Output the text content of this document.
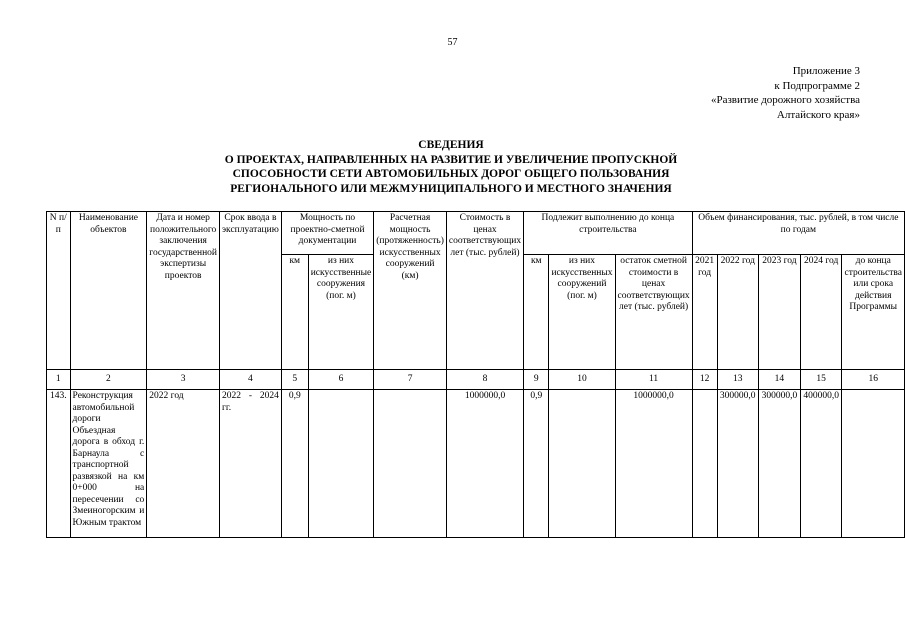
57
Приложение 3
к Подпрограмме 2
«Развитие дорожного хозяйства
Алтайского края»
СВЕДЕНИЯ
О ПРОЕКТАХ, НАПРАВЛЕННЫХ НА РАЗВИТИЕ И УВЕЛИЧЕНИЕ ПРОПУСКНОЙ
СПОСОБНОСТИ СЕТИ АВТОМОБИЛЬНЫХ ДОРОГ ОБЩЕГО ПОЛЬЗОВАНИЯ
РЕГИОНАЛЬНОГО ИЛИ МЕЖМУНИЦИПАЛЬНОГО И МЕСТНОГО ЗНАЧЕНИЯ
N п/п	Наименование объектов	Дата и номер положительного заключения государственной экспертизы проектов	Срок ввода в эксплуатацию	Мощность по проектно-сметной документации		Расчетная мощность (протяженность) искусственных сооружений (км)	Стоимость в ценах соответствующих лет (тыс. рублей)	Подлежит выполнению до конца строительства			Объем финансирования, тыс. рублей, в том числе по годам				
				км	из них искусственные сооружения (пог. м)			км	из них искусственных сооружений (пог. м)	остаток сметной стоимости в ценах соответствующих лет (тыс. рублей)	2021 год	2022 год	2023 год	2024 год	до конца строительства или срока действия Программы
1	2	3	4	5	6	7	8	9	10	11	12	13	14	15	16
143.	Реконструкция автомобильной дороги Объездная дорога в обход г. Барнаула с транспортной развязкой на км 0+000 на пересечении со Змеиногорским и Южным трактом	2022 год	2022 - 2024 гг.	0,9			1000000,0	0,9		1000000,0		300000,0	300000,0	400000,0	
